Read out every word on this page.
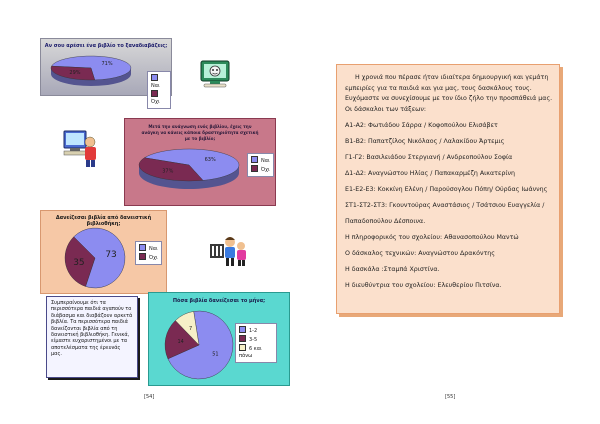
Αν σου αρέσει ένα βιβλίο το ξαναδιαβάζεις;
71%
29%
Ναι
Όχι
Μετά την ανάγνωση ενός βιβλίου, έχεις την ανάγκη να κάνεις κάποια δραστηριότητα σχετική με το βιβλίο;
63%
37%
Ναι
Όχι
Δανείζεσαι βιβλία από δανειστική βιβλιοθήκη;
73
35
Ναι
Όχι
Συμπεραίνουμε ότι τα περισσότερα παιδιά αγαπούν το διάβασμα και διαβάζουν αρκετά βιβλία. Τα περισσότερα παιδιά δανείζονται βιβλία από τη δανειστική βιβλιοθήκη. Γενικά, είμαστε ευχαριστημένοι με τα αποτελέσματα της έρευνάς μας.
Πόσα βιβλία δανείζεσαι το μήνα;
51
14
7	1-2
3-5
6 και πάνω
[54]

Η χρονιά που πέρασε ήταν ιδιαίτερα δημιουργική και γεμάτη εμπειρίες για τα παιδιά και για μας, τους δασκάλους τους. Ευχόμαστε να συνεχίσουμε με τον ίδιο ζήλο την προσπάθειά μας.

Οι δάσκαλοι των τάξεων:

Α1-Α2: Φωτιάδου Σάρρα / Κοφοπούλου Ελισάβετ

Β1-Β2: Παπατζίλος Νικόλαος / Λαλακίδου Άρτεμις

Γ1-Γ2: Βασιλειάδου Στεργιανή / Ανδρεοπούλου Σοφία

Δ1-Δ2: Αναγνώστου Ηλίας / Παπακαρμέζη Αικατερίνη

Ε1-Ε2-Ε3: Κοκκίνη Ελένη / Παρούσογλου Πόπη/ Ούρδας Ιωάννης

ΣΤ1-ΣΤ2-ΣΤ3: Γκουντούρας Αναστάσιος / Τσάτσιου Ευαγγελία /

Παπαδοπούλου Δέσποινα.

Η πληροφορικός του σχολείου: Αθανασοπούλου Μαντώ

Ο δάσκαλος τεχνικών: Αναγνώστου Δρακόντης

Η δασκάλα :Σταμπά Χριστίνα.

Η διευθύντρια του σχολείου: Ελευθερίου Πιτσίνα.

[55]
